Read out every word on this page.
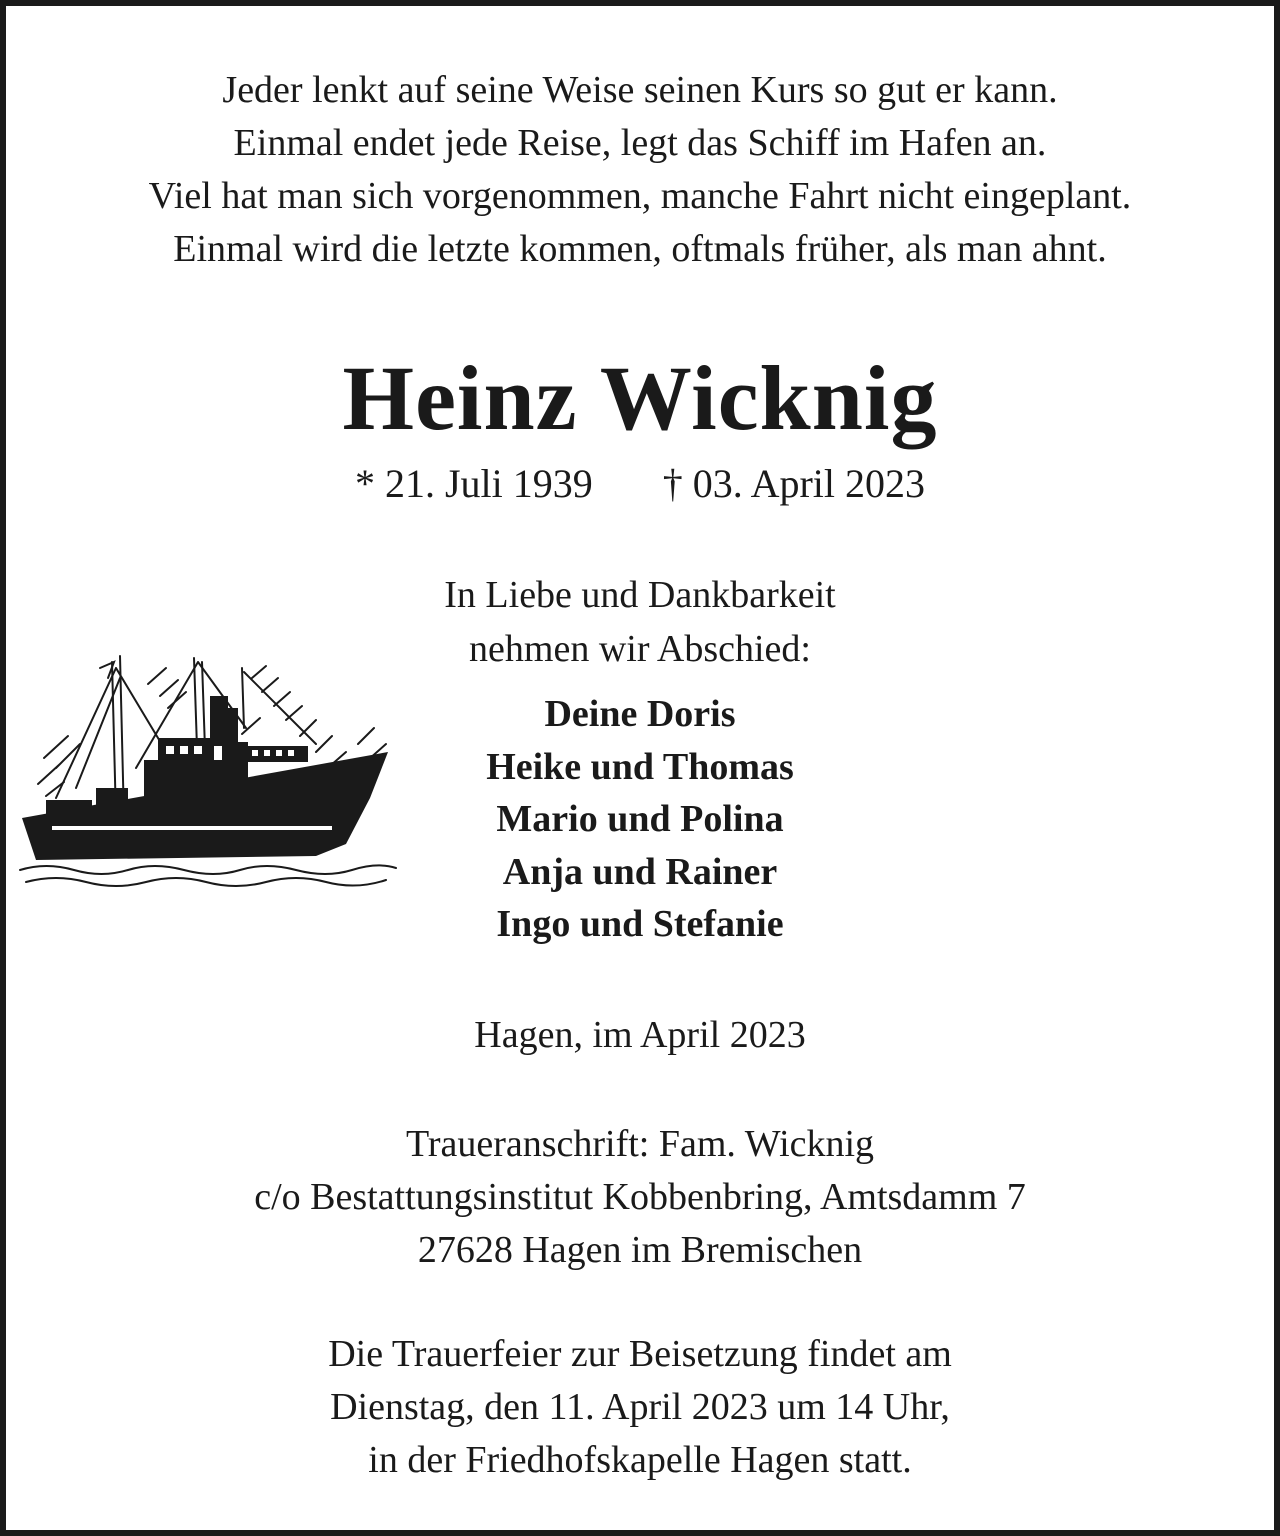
Jeder lenkt auf seine Weise seinen Kurs so gut er kann.
Einmal endet jede Reise, legt das Schiff im Hafen an.
Viel hat man sich vorgenommen, manche Fahrt nicht eingeplant.
Einmal wird die letzte kommen, oftmals früher, als man ahnt.
Heinz Wicknig
* 21. Juli 1939 † 03. April 2023
In Liebe und Dankbarkeit
nehmen wir Abschied:
Deine Doris
Heike und Thomas
Mario und Polina
Anja und Rainer
Ingo und Stefanie
Hagen, im April 2023
Traueranschrift: Fam. Wicknig
c/o Bestattungsinstitut Kobbenbring, Amtsdamm 7
27628 Hagen im Bremischen
Die Trauerfeier zur Beisetzung findet am
Dienstag, den 11. April 2023 um 14 Uhr,
in der Friedhofskapelle Hagen statt.
